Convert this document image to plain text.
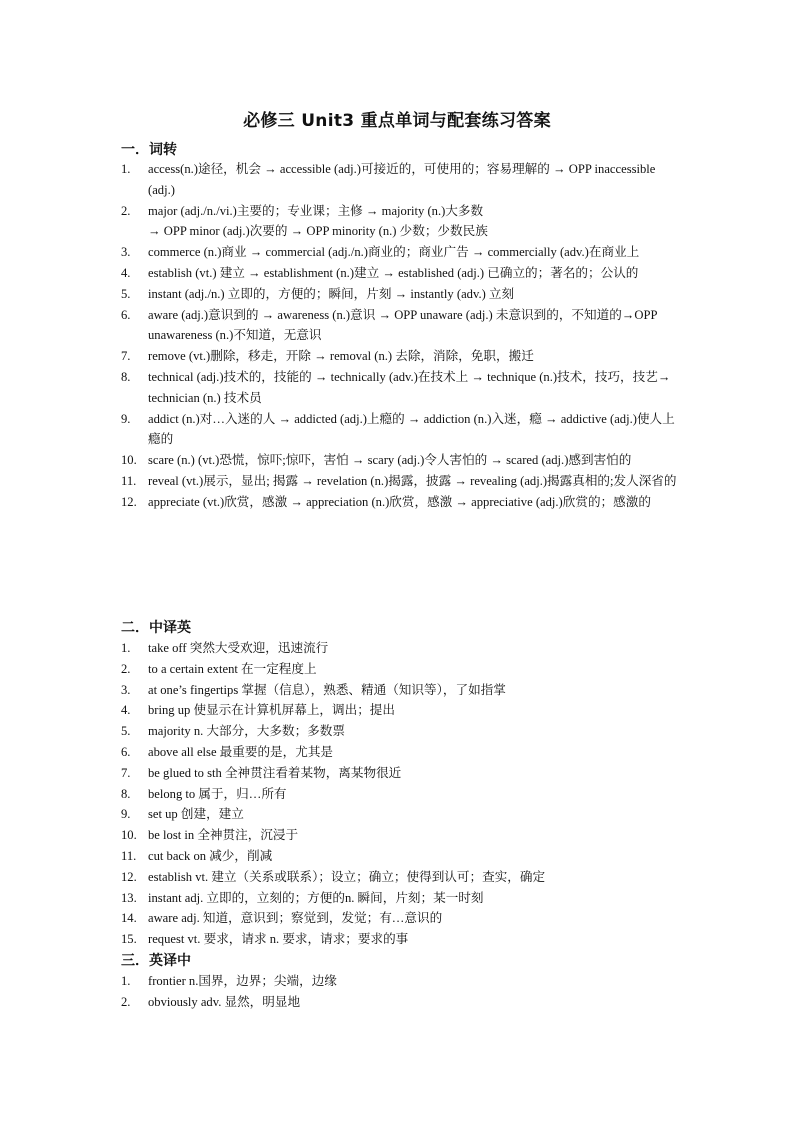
必修三 Unit3 重点单词与配套练习答案
一．词转
1. access(n.)途径，机会 → accessible (adj.)可接近的，可使用的；容易理解的 → OPP inaccessible (adj.)
2. major (adj./n./vi.)主要的；专业课；主修 → majority (n.)大多数
→ OPP minor (adj.)次要的 → OPP minority (n.) 少数；少数民族
3. commerce (n.)商业 → commercial (adj./n.)商业的；商业广告 → commercially (adv.)在商业上
4. establish (vt.) 建立 → establishment (n.)建立 → established (adj.) 已确立的；著名的；公认的
5. instant (adj./n.) 立即的，方便的；瞬间，片刻 → instantly (adv.) 立刻
6. aware (adj.)意识到的 → awareness (n.)意识 → OPP unaware (adj.) 未意识到的，不知道的→OPP unawareness (n.)不知道，无意识
7. remove (vt.)删除，移走，开除 → removal (n.) 去除，消除，免职，搬迁
8. technical (adj.)技术的，技能的 → technically (adv.)在技术上 → technique (n.)技术，技巧，技艺→ technician (n.) 技术员
9. addict (n.)对…入迷的人 → addicted (adj.)上瘾的 → addiction (n.)入迷，瘾 → addictive (adj.)使人上瘾的
10. scare (n.) (vt.)恐慌，惊吓;惊吓，害怕 → scary (adj.)令人害怕的 → scared (adj.)感到害怕的
11. reveal (vt.)展示，显出; 揭露 → revelation (n.)揭露，披露 → revealing (adj.)揭露真相的;发人深省的
12. appreciate (vt.)欣赏，感激 → appreciation (n.)欣赏，感激 → appreciative (adj.)欣赏的；感激的
二．中译英
1. take off 突然大受欢迎，迅速流行
2. to a certain extent 在一定程度上
3. at one’s fingertips 掌握（信息），熟悉、精通（知识等），了如指掌
4. bring up 使显示在计算机屏幕上，调出；提出
5. majority n. 大部分，大多数；多数票
6. above all else 最重要的是，尤其是
7. be glued to sth 全神贯注看着某物，离某物很近
8. belong to 属于，归…所有
9. set up 创建，建立
10. be lost in 全神贯注，沉浸于
11. cut back on 减少，削减
12. establish vt. 建立（关系或联系）；设立；确立；使得到认可；查实，确定
13. instant adj. 立即的，立刻的；方便的n. 瞬间，片刻；某一时刻
14. aware adj. 知道，意识到；察觉到，发觉；有…意识的
15. request vt. 要求，请求 n. 要求，请求；要求的事
三．英译中
1. frontier n.国界，边界；尖端，边缘
2. obviously adv. 显然，明显地
